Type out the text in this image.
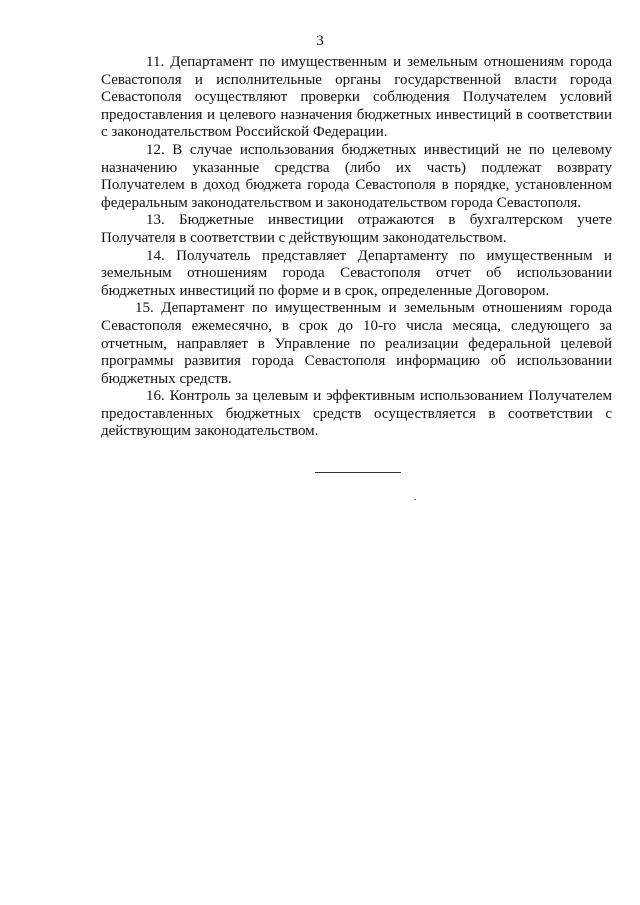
3

11. Департамент по имущественным и земельным отношениям города Севастополя и исполнительные органы государственной власти города Севастополя осуществляют проверки соблюдения Получателем условий предоставления и целевого назначения бюджетных инвестиций в соответствии с законодательством Российской Федерации.

12. В случае использования бюджетных инвестиций не по целевому назначению указанные средства (либо их часть) подлежат возврату Получателем в доход бюджета города Севастополя в порядке, установленном федеральным законодательством и законодательством города Севастополя.

13. Бюджетные инвестиции отражаются в бухгалтерском учете Получателя в соответствии с действующим законодательством.

14. Получатель представляет Департаменту по имущественным и земельным отношениям города Севастополя отчет об использовании бюджетных инвестиций по форме и в срок, определенные Договором.

15. Департамент по имущественным и земельным отношениям города Севастополя ежемесячно, в срок до 10-го числа месяца, следующего за отчетным, направляет в Управление по реализации федеральной целевой программы развития города Севастополя информацию об использовании бюджетных средств.

16. Контроль за целевым и эффективным использованием Получателем предоставленных бюджетных средств осуществляется в соответствии с действующим законодательством.
